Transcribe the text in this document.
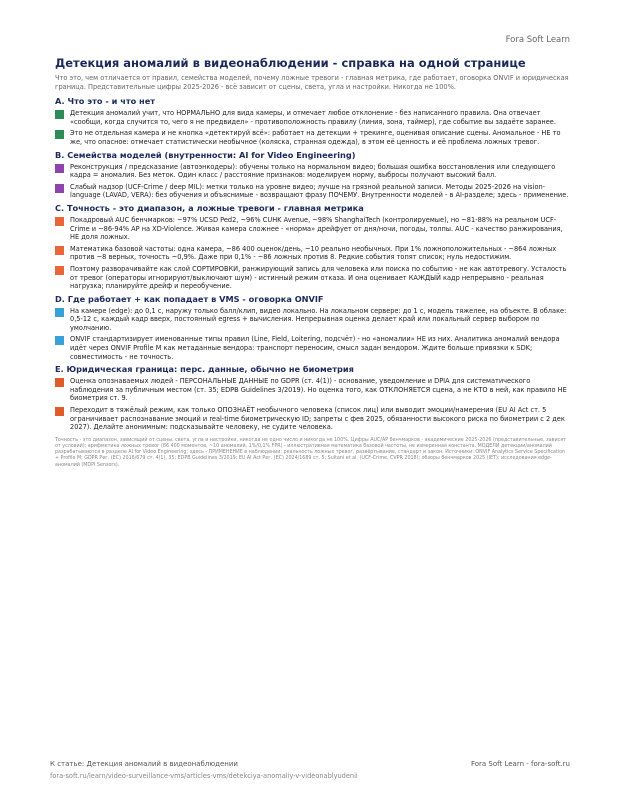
Fora Soft Learn
Детекция аномалий в видеонаблюдении - справка на одной странице
Что это, чем отличается от правил, семейства моделей, почему ложные тревоги - главная метрика, где работает, оговорка ONVIF и юридическая граница. Представительные цифры 2025-2026 - всё зависит от сцены, света, угла и настройки. Никогда не 100%.
A. Что это - и что нет
Детекция аномалий учит, что НОРМАЛЬНО для вида камеры, и отмечает любое отклонение - без написанного правила. Она отвечает «сообщи, когда случится то, чего я не предвидел» - противоположность правилу (линия, зона, таймер), где событие вы задаёте заранее.
Это не отдельная камера и не кнопка «детектируй всё»: работает на детекции + трекинге, оценивая описание сцены. Аномальное - НЕ то же, что опасное: отмечает статистически необычное (коляска, странная одежда), в этом её ценность и её проблема ложных тревог.
B. Семейства моделей (внутренности: AI for Video Engineering)
Реконструкция / предсказание (автоэнкодеры): обучены только на нормальном видео; большая ошибка восстановления или следующего кадра = аномалия. Без меток. Один класс / расстояние признаков: моделируем норму, выбросы получают высокий балл.
Слабый надзор (UCF-Crime / deep MIL): метки только на уровне видео; лучше на грязной реальной записи. Методы 2025-2026 на vision-language (LAVAD, VERA): без обучения и объяснимые - возвращают фразу ПОЧЕМУ. Внутренности моделей - в AI-разделе; здесь - применение.
C. Точность - это диапазон, а ложные тревоги - главная метрика
Покадровый AUC бенчмарков: ~97% UCSD Ped2, ~96% CUHK Avenue, ~98% ShanghaiTech (контролируемые), но ~81-88% на реальном UCF-Crime и ~86-94% AP на XD-Violence. Живая камера сложнее - «норма» дрейфует от дня/ночи, погоды, толпы. AUC - качество ранжирования, НЕ доля ложных.
Математика базовой частоты: одна камера, ~86 400 оценок/день, ~10 реально необычных. При 1% ложноположительных - ~864 ложных против ~8 верных, точность ~0,9%. Даже при 0,1% - ~86 ложных против 8. Редкие события топят список; нуль недостижим.
Поэтому разворачивайте как слой СОРТИРОВКИ, ранжирующий запись для человека или поиска по событию - не как автотревогу. Усталость от тревог (операторы игнорируют/выключают шум) - истинный режим отказа. И она оценивает КАЖДЫЙ кадр непрерывно - реальная нагрузка; планируйте дрейф и переобучение.
D. Где работает + как попадает в VMS - оговорка ONVIF
На камере (edge): до 0,1 с, наружу только балл/клип, видео локально. На локальном сервере: до 1 с, модель тяжелее, на объекте. В облаке: 0,5-12 с, каждый кадр вверх, постоянный egress + вычисления. Непрерывная оценка делает край или локальный сервер выбором по умолчанию.
ONVIF стандартизирует именованные типы правил (Line, Field, Loitering, подсчёт) - но «аномалии» НЕ из них. Аналитика аномалий вендора идёт через ONVIF Profile M как метаданные вендора: транспорт переносим, смысл задан вендором. Ждите больше привязки к SDK; совместимость - не точность.
E. Юридическая граница: перс. данные, обычно не биометрия
Оценка опознаваемых людей - ПЕРСОНАЛЬНЫЕ ДАННЫЕ по GDPR (ст. 4(1)) - основание, уведомление и DPIA для систематического наблюдения за публичным местом (ст. 35; EDPB Guidelines 3/2019). Но оценка того, как ОТКЛОНЯЕТСЯ сцена, а не КТО в ней, как правило НЕ биометрия ст. 9.
Переходит в тяжёлый режим, как только ОПОЗНАЁТ необычного человека (список лиц) или выводит эмоции/намерения (EU AI Act ст. 5 ограничивает распознавание эмоций и real-time биометрическую ID; запреты с фев 2025, обязанности высокого риска по биометрии с 2 дек 2027). Делайте анонимным: подсказывайте человеку, не судите человека.
Точность - это диапазон, зависящий от сцены, света, угла и настройки, никогда не одно число и никогда не 100%. Цифры AUC/AP бенчмарков - академические 2025-2026 (представительные, зависят от условий); арифметика ложных тревог (86 400 моментов, ~10 аномалий, 1%/0,1% FPR) - иллюстративная математика базовой частоты, не измеренная константа. МОДЕЛИ детекции/аномалий разрабатываются в разделе AI for Video Engineering; здесь - ПРИМЕНЕНИЕ в наблюдении: реальность ложных тревог, развёртывание, стандарт и закон. Источники: ONVIF Analytics Service Specification + Profile M; GDPR Рег. (ЕС) 2016/679 ст. 4(1), 35; EDPB Guidelines 3/2019; EU AI Act Рег. (ЕС) 2024/1689 ст. 5; Sultani et al. (UCF-Crime, CVPR 2018); обзоры бенчмарков 2025 (IET); исследования edge-аномалий (MDPI Sensors).
К статье: Детекция аномалий в видеонаблюдении	Fora Soft Learn - fora-soft.ru
fora-soft.ru/learn/video-surveillance-vms/articles-vms/detekciya-anomaliy-v-videonablyudenii
